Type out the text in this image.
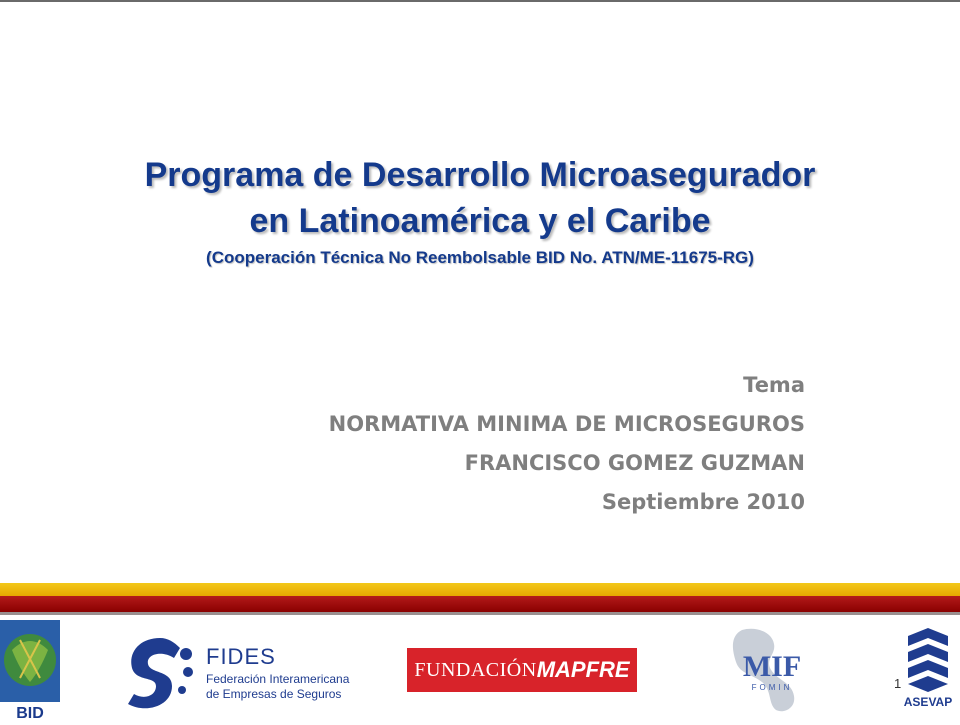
Programa de Desarrollo Microasegurador
en Latinoamérica y el Caribe
(Cooperación Técnica No Reembolsable BID No. ATN/ME-11675-RG)
Tema
NORMATIVA MINIMA DE MICROSEGUROS
FRANCISCO GOMEZ GUZMAN
Septiembre 2010
BID
FIDES
Federación Interamericana
de Empresas de Seguros
FUNDACIÓN MAPFRE	MIF
FOMIN	1
ASEVAP
